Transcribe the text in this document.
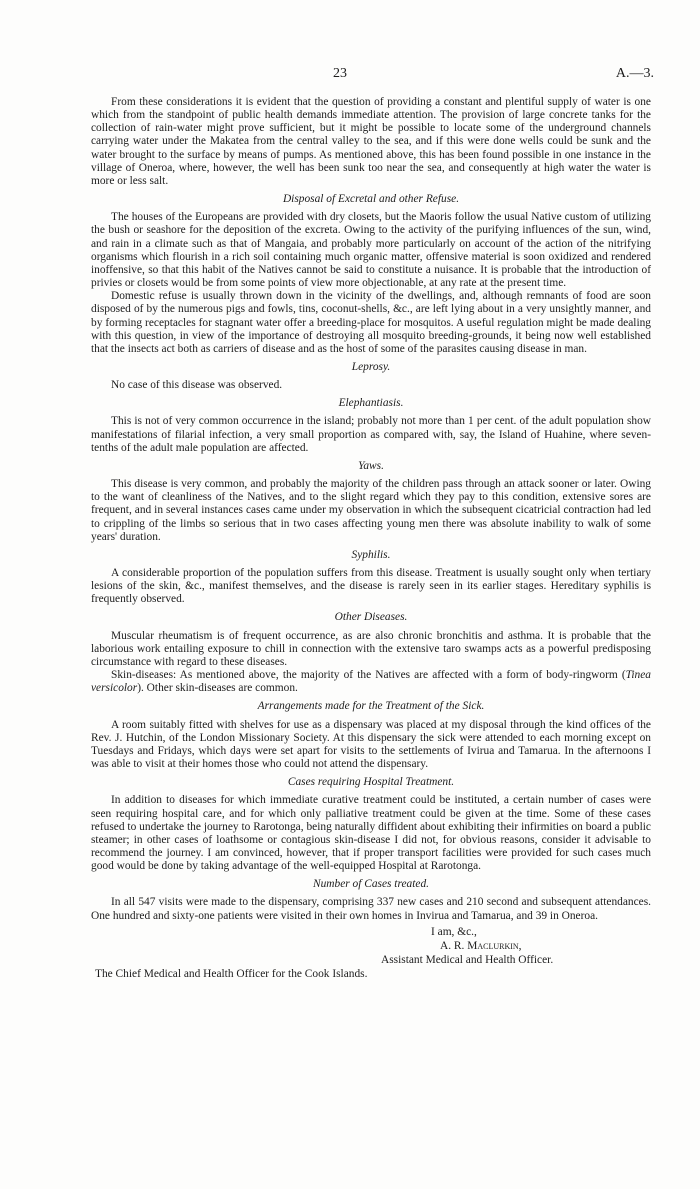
23	A.—3.

From these considerations it is evident that the question of providing a constant and plentiful supply of water is one which from the standpoint of public health demands immediate attention. The provision of large concrete tanks for the collection of rain-water might prove sufficient, but it might be possible to locate some of the underground channels carrying water under the Makatea from the central valley to the sea, and if this were done wells could be sunk and the water brought to the surface by means of pumps. As mentioned above, this has been found possible in one instance in the village of Oneroa, where, however, the well has been sunk too near the sea, and consequently at high water the water is more or less salt.

Disposal of Excretal and other Refuse.

The houses of the Europeans are provided with dry closets, but the Maoris follow the usual Native custom of utilizing the bush or seashore for the deposition of the excreta. Owing to the activity of the purifying influences of the sun, wind, and rain in a climate such as that of Mangaia, and probably more particularly on account of the action of the nitrifying organisms which flourish in a rich soil containing much organic matter, offensive material is soon oxidized and rendered inoffensive, so that this habit of the Natives cannot be said to constitute a nuisance. It is probable that the introduction of privies or closets would be from some points of view more objectionable, at any rate at the present time.

Domestic refuse is usually thrown down in the vicinity of the dwellings, and, although remnants of food are soon disposed of by the numerous pigs and fowls, tins, coconut-shells, &c., are left lying about in a very unsightly manner, and by forming receptacles for stagnant water offer a breeding-place for mosquitos. A useful regulation might be made dealing with this question, in view of the importance of destroying all mosquito breeding-grounds, it being now well established that the insects act both as carriers of disease and as the host of some of the parasites causing disease in man.

Leprosy.

No case of this disease was observed.

Elephantiasis.

This is not of very common occurrence in the island; probably not more than 1 per cent. of the adult population show manifestations of filarial infection, a very small proportion as compared with, say, the Island of Huahine, where seven-tenths of the adult male population are affected.

Yaws.

This disease is very common, and probably the majority of the children pass through an attack sooner or later. Owing to the want of cleanliness of the Natives, and to the slight regard which they pay to this condition, extensive sores are frequent, and in several instances cases came under my observation in which the subsequent cicatricial contraction had led to crippling of the limbs so serious that in two cases affecting young men there was absolute inability to walk of some years' duration.

Syphilis.

A considerable proportion of the population suffers from this disease. Treatment is usually sought only when tertiary lesions of the skin, &c., manifest themselves, and the disease is rarely seen in its earlier stages. Hereditary syphilis is frequently observed.

Other Diseases.

Muscular rheumatism is of frequent occurrence, as are also chronic bronchitis and asthma. It is probable that the laborious work entailing exposure to chill in connection with the extensive taro swamps acts as a powerful predisposing circumstance with regard to these diseases.

Skin-diseases: As mentioned above, the majority of the Natives are affected with a form of body-ringworm (Tinea versicolor). Other skin-diseases are common.

Arrangements made for the Treatment of the Sick.

A room suitably fitted with shelves for use as a dispensary was placed at my disposal through the kind offices of the Rev. J. Hutchin, of the London Missionary Society. At this dispensary the sick were attended to each morning except on Tuesdays and Fridays, which days were set apart for visits to the settlements of Ivirua and Tamarua. In the afternoons I was able to visit at their homes those who could not attend the dispensary.

Cases requiring Hospital Treatment.

In addition to diseases for which immediate curative treatment could be instituted, a certain number of cases were seen requiring hospital care, and for which only palliative treatment could be given at the time. Some of these cases refused to undertake the journey to Rarotonga, being naturally diffident about exhibiting their infirmities on board a public steamer; in other cases of loathsome or contagious skin-disease I did not, for obvious reasons, consider it advisable to recommend the journey. I am convinced, however, that if proper transport facilities were provided for such cases much good would be done by taking advantage of the well-equipped Hospital at Rarotonga.

Number of Cases treated.

In all 547 visits were made to the dispensary, comprising 337 new cases and 210 second and subsequent attendances. One hundred and sixty-one patients were visited in their own homes in Invirua and Tamarua, and 39 in Oneroa.

I am, &c.,
A. R. Maclurkin,
Assistant Medical and Health Officer.
The Chief Medical and Health Officer for the Cook Islands.
